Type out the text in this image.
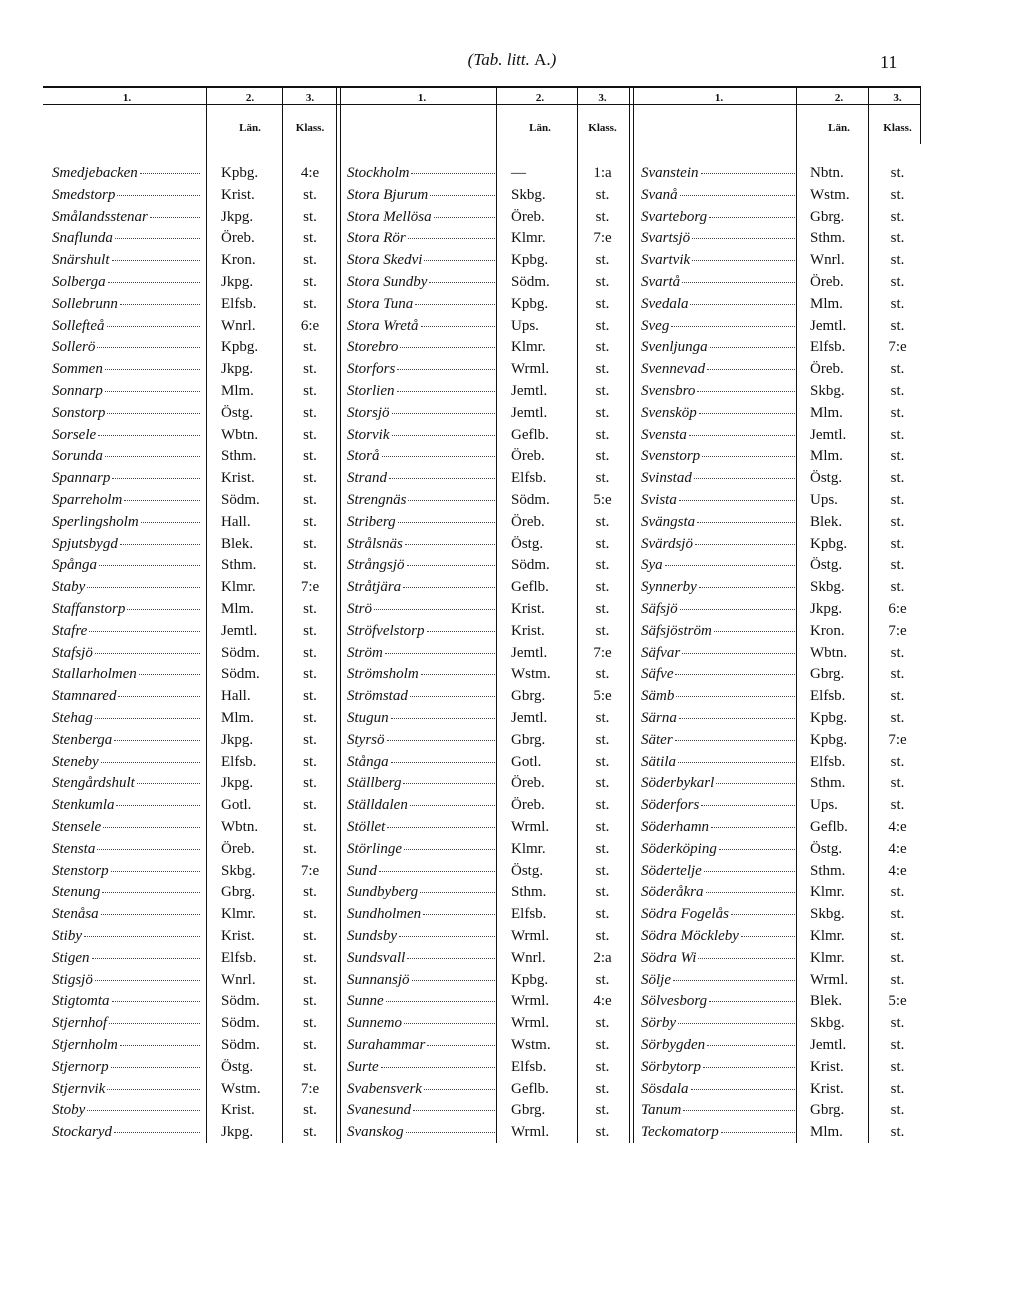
(Tab. litt. A.)	11
1.	2.	3.
Län.	Klass.
Smedjebacken	Kpbg.	4:e
Smedstorp	Krist.	st.
Smålandsstenar	Jkpg.	st.
Snaflunda	Öreb.	st.
Snärshult	Kron.	st.
Solberga	Jkpg.	st.
Sollebrunn	Elfsb.	st.
Sollefteå	Wnrl.	6:e
Sollerö	Kpbg.	st.
Sommen	Jkpg.	st.
Sonnarp	Mlm.	st.
Sonstorp	Östg.	st.
Sorsele	Wbtn.	st.
Sorunda	Sthm.	st.
Spannarp	Krist.	st.
Sparreholm	Södm.	st.
Sperlingsholm	Hall.	st.
Spjutsbygd	Blek.	st.
Spånga	Sthm.	st.
Staby	Klmr.	7:e
Staffanstorp	Mlm.	st.
Stafre	Jemtl.	st.
Stafsjö	Södm.	st.
Stallarholmen	Södm.	st.
Stamnared	Hall.	st.
Stehag	Mlm.	st.
Stenberga	Jkpg.	st.
Steneby	Elfsb.	st.
Stengårdshult	Jkpg.	st.
Stenkumla	Gotl.	st.
Stensele	Wbtn.	st.
Stensta	Öreb.	st.
Stenstorp	Skbg.	7:e
Stenung	Gbrg.	st.
Stenåsa	Klmr.	st.
Stiby	Krist.	st.
Stigen	Elfsb.	st.
Stigsjö	Wnrl.	st.
Stigtomta	Södm.	st.
Stjernhof	Södm.	st.
Stjernholm	Södm.	st.
Stjernorp	Östg.	st.
Stjernvik	Wstm.	7:e
Stoby	Krist.	st.
Stockaryd	Jkpg.	st.
1.	2.	3.
Län.	Klass.
Stockholm	—	1:a
Stora Bjurum	Skbg.	st.
Stora Mellösa	Öreb.	st.
Stora Rör	Klmr.	7:e
Stora Skedvi	Kpbg.	st.
Stora Sundby	Södm.	st.
Stora Tuna	Kpbg.	st.
Stora Wretå	Ups.	st.
Storebro	Klmr.	st.
Storfors	Wrml.	st.
Storlien	Jemtl.	st.
Storsjö	Jemtl.	st.
Storvik	Geflb.	st.
Storå	Öreb.	st.
Strand	Elfsb.	st.
Strengnäs	Södm.	5:e
Striberg	Öreb.	st.
Strålsnäs	Östg.	st.
Strångsjö	Södm.	st.
Stråtjära	Geflb.	st.
Strö	Krist.	st.
Ströfvelstorp	Krist.	st.
Ström	Jemtl.	7:e
Strömsholm	Wstm.	st.
Strömstad	Gbrg.	5:e
Stugun	Jemtl.	st.
Styrsö	Gbrg.	st.
Stånga	Gotl.	st.
Ställberg	Öreb.	st.
Ställdalen	Öreb.	st.
Stöllet	Wrml.	st.
Störlinge	Klmr.	st.
Sund	Östg.	st.
Sundbyberg	Sthm.	st.
Sundholmen	Elfsb.	st.
Sundsby	Wrml.	st.
Sundsvall	Wnrl.	2:a
Sunnansjö	Kpbg.	st.
Sunne	Wrml.	4:e
Sunnemo	Wrml.	st.
Surahammar	Wstm.	st.
Surte	Elfsb.	st.
Svabensverk	Geflb.	st.
Svanesund	Gbrg.	st.
Svanskog	Wrml.	st.
1.	2.	3.
Län.	Klass.
Svanstein	Nbtn.	st.
Svanå	Wstm.	st.
Svarteborg	Gbrg.	st.
Svartsjö	Sthm.	st.
Svartvik	Wnrl.	st.
Svartå	Öreb.	st.
Svedala	Mlm.	st.
Sveg	Jemtl.	st.
Svenljunga	Elfsb.	7:e
Svennevad	Öreb.	st.
Svensbro	Skbg.	st.
Svensköp	Mlm.	st.
Svensta	Jemtl.	st.
Svenstorp	Mlm.	st.
Svinstad	Östg.	st.
Svista	Ups.	st.
Svängsta	Blek.	st.
Svärdsjö	Kpbg.	st.
Sya	Östg.	st.
Synnerby	Skbg.	st.
Säfsjö	Jkpg.	6:e
Säfsjöström	Kron.	7:e
Säfvar	Wbtn.	st.
Säfve	Gbrg.	st.
Sämb	Elfsb.	st.
Särna	Kpbg.	st.
Säter	Kpbg.	7:e
Sätila	Elfsb.	st.
Söderbykarl	Sthm.	st.
Söderfors	Ups.	st.
Söderhamn	Geflb.	4:e
Söderköping	Östg.	4:e
Södertelje	Sthm.	4:e
Söderåkra	Klmr.	st.
Södra Fogelås	Skbg.	st.
Södra Möckleby	Klmr.	st.
Södra Wi	Klmr.	st.
Sölje	Wrml.	st.
Sölvesborg	Blek.	5:e
Sörby	Skbg.	st.
Sörbygden	Jemtl.	st.
Sörbytorp	Krist.	st.
Sösdala	Krist.	st.
Tanum	Gbrg.	st.
Teckomatorp	Mlm.	st.
